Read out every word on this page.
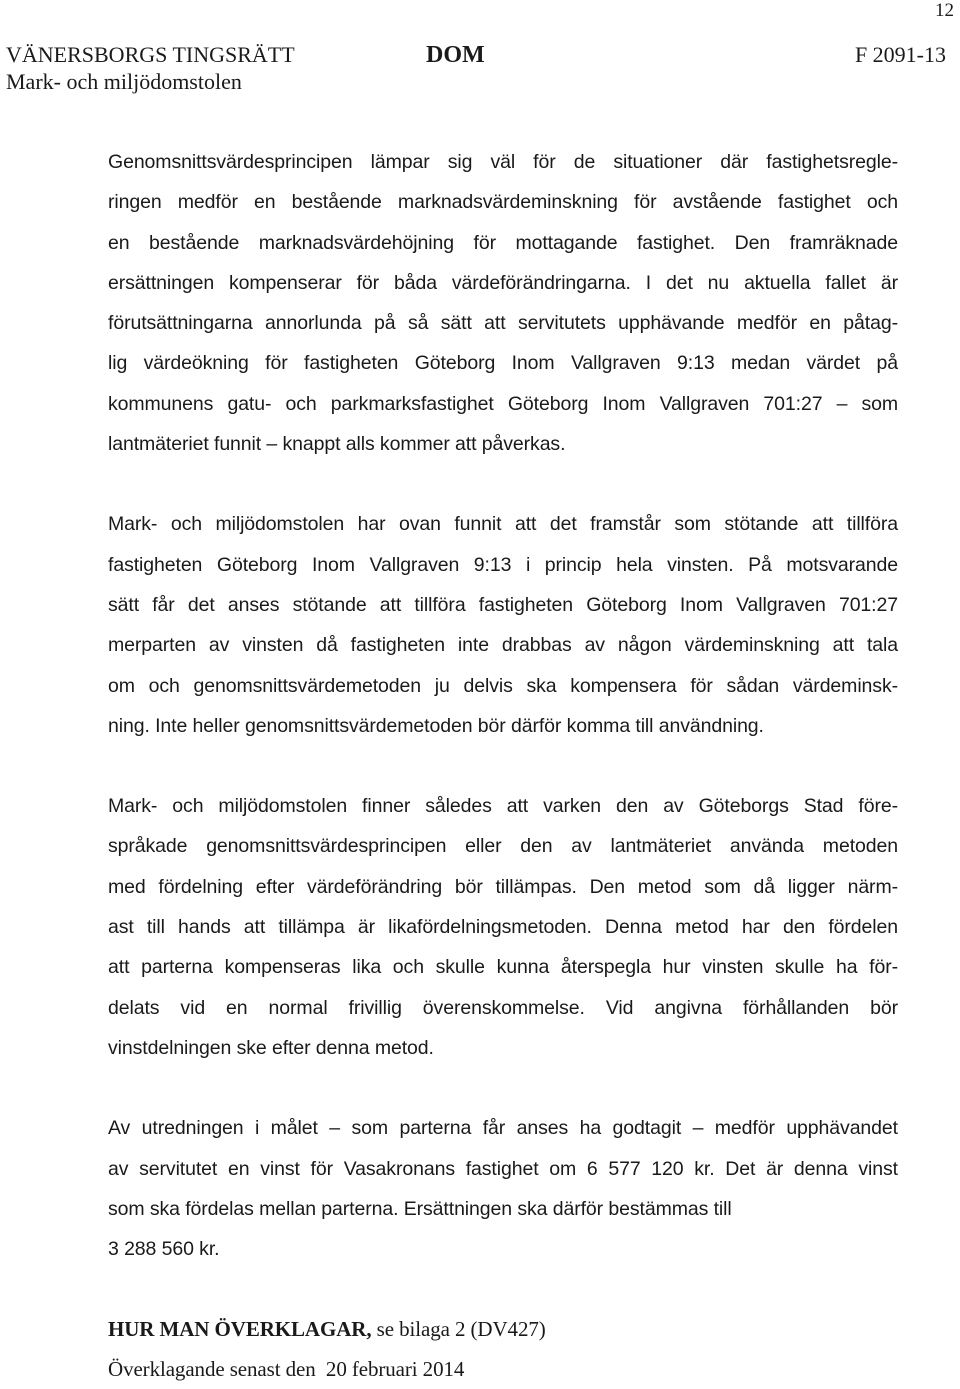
12
VÄNERSBORGS TINGSRÄTT
Mark- och miljödomstolen
DOM	F 2091-13
Genomsnittsvärdesprincipen lämpar sig väl för de situationer där fastighetsregle-
ringen medför en bestående marknadsvärdeminskning för avstående fastighet och
en bestående marknadsvärdehöjning för mottagande fastighet. Den framräknade
ersättningen kompenserar för båda värdeförändringarna. I det nu aktuella fallet är
förutsättningarna annorlunda på så sätt att servitutets upphävande medför en påtag-
lig värdeökning för fastigheten Göteborg Inom Vallgraven 9:13 medan värdet på
kommunens gatu- och parkmarksfastighet Göteborg Inom Vallgraven 701:27 – som
lantmäteriet funnit – knappt alls kommer att påverkas.
Mark- och miljödomstolen har ovan funnit att det framstår som stötande att tillföra
fastigheten Göteborg Inom Vallgraven 9:13 i princip hela vinsten. På motsvarande
sätt får det anses stötande att tillföra fastigheten Göteborg Inom Vallgraven 701:27
merparten av vinsten då fastigheten inte drabbas av någon värdeminskning att tala
om och genomsnittsvärdemetoden ju delvis ska kompensera för sådan värdeminsk-
ning. Inte heller genomsnittsvärdemetoden bör därför komma till användning.
Mark- och miljödomstolen finner således att varken den av Göteborgs Stad före-
språkade genomsnittsvärdesprincipen eller den av lantmäteriet använda metoden
med fördelning efter värdeförändring bör tillämpas. Den metod som då ligger närm-
ast till hands att tillämpa är likafördelningsmetoden. Denna metod har den fördelen
att parterna kompenseras lika och skulle kunna återspegla hur vinsten skulle ha för-
delats vid en normal frivillig överenskommelse. Vid angivna förhållanden bör
vinstdelningen ske efter denna metod.
Av utredningen i målet – som parterna får anses ha godtagit – medför upphävandet
av servitutet en vinst för Vasakronans fastighet om 6 577 120 kr. Det är denna vinst
som ska fördelas mellan parterna. Ersättningen ska därför bestämmas till
3 288 560 kr.
HUR MAN ÖVERKLAGAR, se bilaga 2 (DV427)
Överklagande senast den  20 februari 2014
